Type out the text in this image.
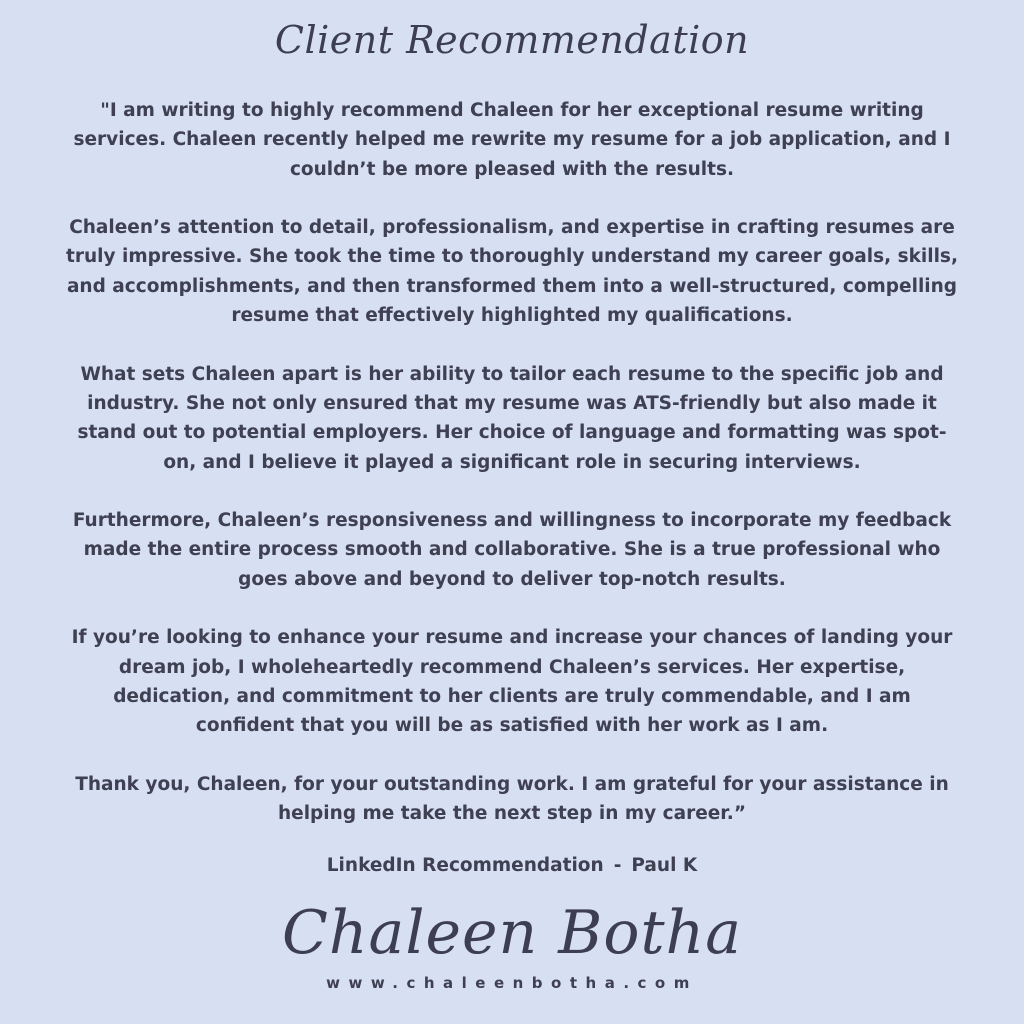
Client Recommendation

"I am writing to highly recommend Chaleen for her exceptional resume writing services. Chaleen recently helped me rewrite my resume for a job application, and I couldn’t be more pleased with the results.

Chaleen’s attention to detail, professionalism, and expertise in crafting resumes are truly impressive. She took the time to thoroughly understand my career goals, skills, and accomplishments, and then transformed them into a well-structured, compelling resume that effectively highlighted my qualifications.

What sets Chaleen apart is her ability to tailor each resume to the specific job and industry. She not only ensured that my resume was ATS-friendly but also made it stand out to potential employers. Her choice of language and formatting was spot-on, and I believe it played a significant role in securing interviews.

Furthermore, Chaleen’s responsiveness and willingness to incorporate my feedback made the entire process smooth and collaborative. She is a true professional who goes above and beyond to deliver top-notch results.

If you’re looking to enhance your resume and increase your chances of landing your dream job, I wholeheartedly recommend Chaleen’s services. Her expertise, dedication, and commitment to her clients are truly commendable, and I am confident that you will be as satisfied with her work as I am.

Thank you, Chaleen, for your outstanding work. I am grateful for your assistance in helping me take the next step in my career.”

LinkedIn Recommendation - Paul K
Chaleen Botha
www.chaleenbotha.com
